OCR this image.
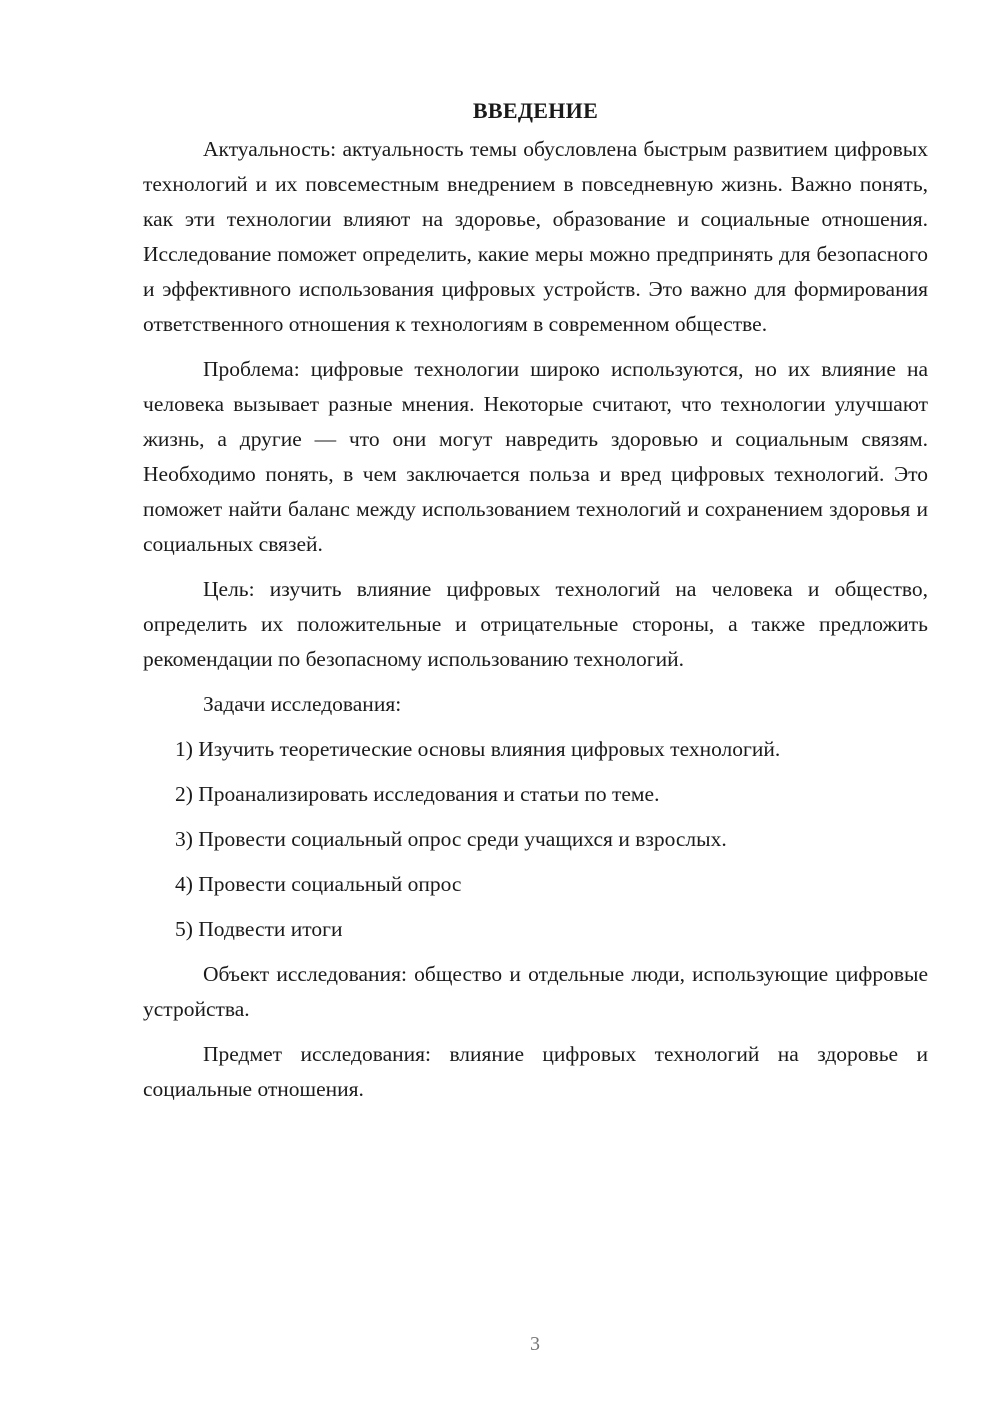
ВВЕДЕНИЕ

Актуальность: актуальность темы обусловлена быстрым развитием цифровых технологий и их повсеместным внедрением в повседневную жизнь. Важно понять, как эти технологии влияют на здоровье, образование и социальные отношения. Исследование поможет определить, какие меры можно предпринять для безопасного и эффективного использования цифровых устройств. Это важно для формирования ответственного отношения к технологиям в современном обществе.

Проблема: цифровые технологии широко используются, но их влияние на человека вызывает разные мнения. Некоторые считают, что технологии улучшают жизнь, а другие — что они могут навредить здоровью и социальным связям. Необходимо понять, в чем заключается польза и вред цифровых технологий. Это поможет найти баланс между использованием технологий и сохранением здоровья и социальных связей.

Цель: изучить влияние цифровых технологий на человека и общество, определить их положительные и отрицательные стороны, а также предложить рекомендации по безопасному использованию технологий.

Задачи исследования:

1) Изучить теоретические основы влияния цифровых технологий.
2) Проанализировать исследования и статьи по теме.
3) Провести социальный опрос среди учащихся и взрослых.
4) Провести социальный опрос
5) Подвести итоги

Объект исследования: общество и отдельные люди, использующие цифровые устройства.

Предмет исследования: влияние цифровых технологий на здоровье и социальные отношения.

3
